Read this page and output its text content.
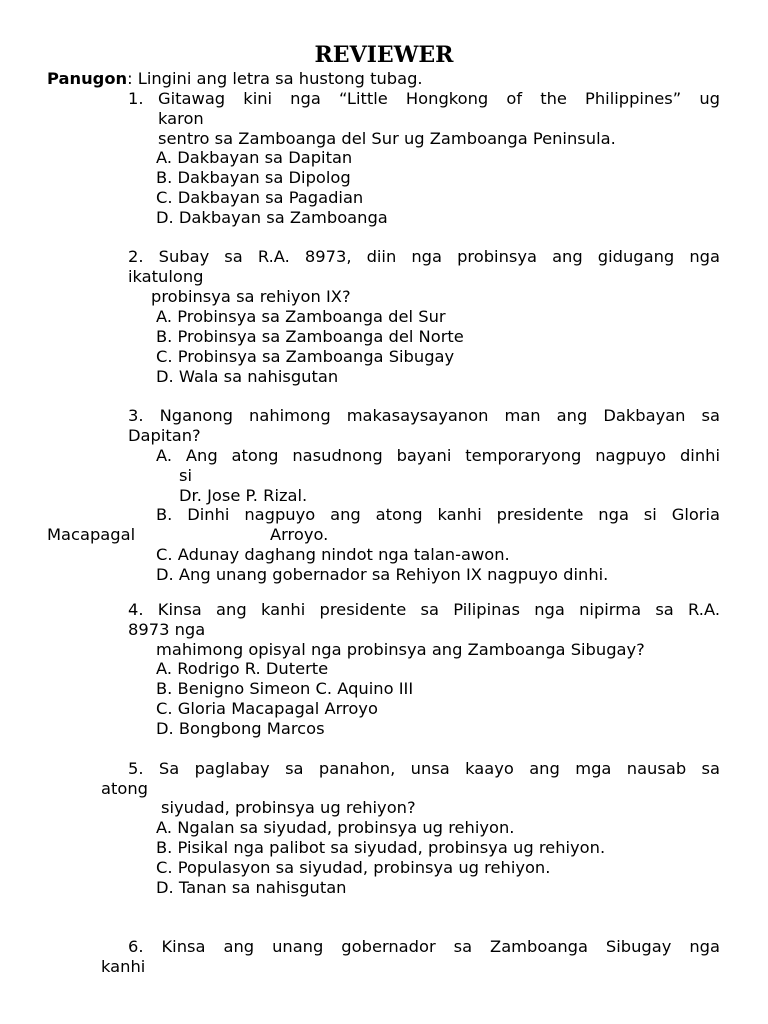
REVIEWER
Panugon: Lingini ang letra sa hustong tubag.
1. Gitawag kini nga “Little Hongkong of the Philippines” ug
karon
sentro sa Zamboanga del Sur ug Zamboanga Peninsula.
A. Dakbayan sa Dapitan
B. Dakbayan sa Dipolog
C. Dakbayan sa Pagadian
D. Dakbayan sa Zamboanga
2. Subay sa R.A. 8973, diin nga probinsya ang gidugang nga
ikatulong
probinsya sa rehiyon IX?
A. Probinsya sa Zamboanga del Sur
B. Probinsya sa Zamboanga del Norte
C. Probinsya sa Zamboanga Sibugay
D. Wala sa nahisgutan
3. Nganong nahimong makasaysayanon man ang Dakbayan sa
Dapitan?
A. Ang atong nasudnong bayani temporaryong nagpuyo dinhi
si
Dr. Jose P. Rizal.
B. Dinhi nagpuyo ang atong kanhi presidente nga si Gloria
Macapagal	Arroyo.
C. Adunay daghang nindot nga talan-awon.
D. Ang unang gobernador sa Rehiyon IX nagpuyo dinhi.
4. Kinsa ang kanhi presidente sa Pilipinas nga nipirma sa R.A.
8973 nga
mahimong opisyal nga probinsya ang Zamboanga Sibugay?
A. Rodrigo R. Duterte
B. Benigno Simeon C. Aquino III
C. Gloria Macapagal Arroyo
D. Bongbong Marcos
5. Sa paglabay sa panahon, unsa kaayo ang mga nausab sa
atong
siyudad, probinsya ug rehiyon?
A. Ngalan sa siyudad, probinsya ug rehiyon.
B. Pisikal nga palibot sa siyudad, probinsya ug rehiyon.
C. Populasyon sa siyudad, probinsya ug rehiyon.
D. Tanan sa nahisgutan
6. Kinsa ang unang gobernador sa Zamboanga Sibugay nga
kanhi
